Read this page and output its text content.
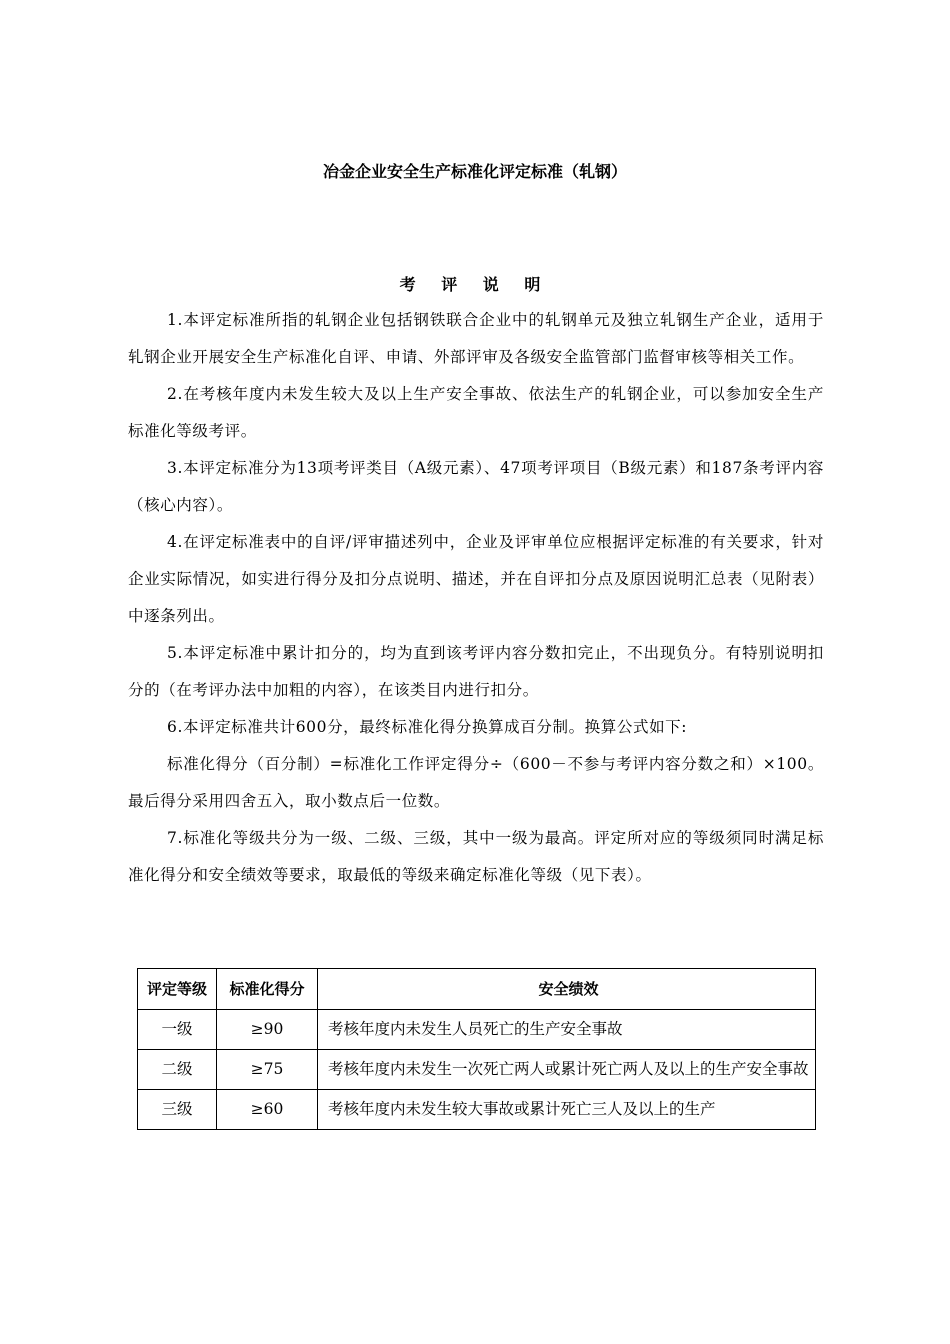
冶金企业安全生产标准化评定标准（轧钢）
考 评 说 明

1.本评定标准所指的轧钢企业包括钢铁联合企业中的轧钢单元及独立轧钢生产企业，适用于轧钢企业开展安全生产标准化自评、申请、外部评审及各级安全监管部门监督审核等相关工作。

2.在考核年度内未发生较大及以上生产安全事故、依法生产的轧钢企业，可以参加安全生产标准化等级考评。

3.本评定标准分为13项考评类目（A级元素）、47项考评项目（B级元素）和187条考评内容（核心内容）。

4.在评定标准表中的自评/评审描述列中，企业及评审单位应根据评定标准的有关要求，针对企业实际情况，如实进行得分及扣分点说明、描述，并在自评扣分点及原因说明汇总表（见附表）中逐条列出。

5.本评定标准中累计扣分的，均为直到该考评内容分数扣完止，不出现负分。有特别说明扣分的（在考评办法中加粗的内容），在该类目内进行扣分。

6.本评定标准共计600分，最终标准化得分换算成百分制。换算公式如下:

标准化得分（百分制）=标准化工作评定得分÷（600－不参与考评内容分数之和）×100。最后得分采用四舍五入，取小数点后一位数。

7.标准化等级共分为一级、二级、三级，其中一级为最高。评定所对应的等级须同时满足标准化得分和安全绩效等要求，取最低的等级来确定标准化等级（见下表）。

评定等级	标准化得分	安全绩效
一级	≥90	考核年度内未发生人员死亡的生产安全事故
二级	≥75	考核年度内未发生一次死亡两人或累计死亡两人及以上的生产安全事故
三级	≥60	考核年度内未发生较大事故或累计死亡三人及以上的生产
